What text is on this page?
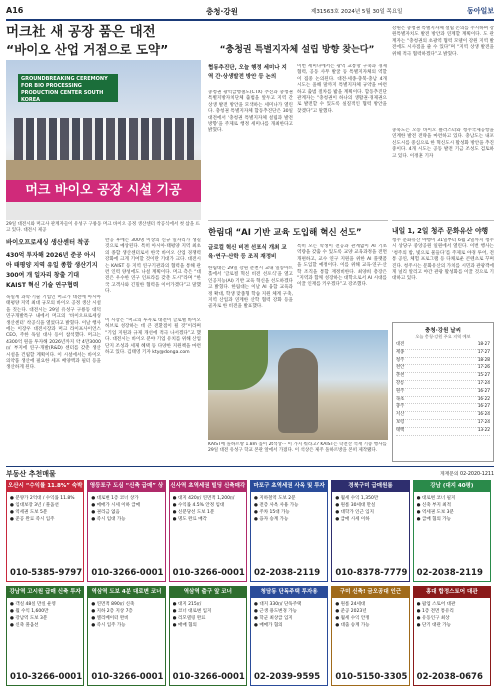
A16	충청·강원	제31563호 2024년 5월 30일 목요일	동아일보
머크社 새 공장 품은 대전
“바이오 산업 거점으로 도약”
GROUNDBREAKING CEREMONY FOR BIO PROCESSING PRODUCTION CENTER SOUTH KOREA
머크 바이오 공장 시설 기공
29일 대전시와 머크사 관계자들이 유성구 구룡동 머크 바이오 공정 생산센터 착공식에서 첫 삽을 뜨고 있다. 대전시 제공
바이오프로세싱 생산센터 착공
430억 투자해 2026년 준공 아시아 태평양 지역 유일 종합 생산기지 300여 개 일자리 창출 기대 KAIST 혁신 기술 연구협력
독일계 과학·기술 기업인 머크가 대전에 아시아태평양 지역 최대 규모의 바이오 공정 생산 시설을 짓는다. 대전시는 29일 유성구 구룡동 대덕연구개발특구 내에서 머크의 ‘바이오프로세싱 생산센터’ 착공식을 열었다고 밝혔다. 이날 행사에는 이장우 대전시장과 머크 라이프사이언스 CEO, 주한 독일 대사 등이 참석했다. 머크는 4300억 원을 투자해 2026년까지 약 4만3000㎡ 부지에 연구·개발(R&D) 센터를 갖춘 생산 시설을 건립할 계획이다. 이 시설에서는 바이오 의약품 생산에 필요한 세포 배양액과 필터 등을 생산하게 된다.
완공 후에는 300명 이상의 신규 일자리가 생길 것으로 예상된다. 특히 아시아·태평양 지역 최초의 종합 생산센터로서 한국 바이오 산업 경쟁력 강화에 크게 기여할 것이란 기대가 크다. 대전시는 KAIST 등 지역 연구기관과의 협력을 통해 관련 인력 양성에도 나설 계획이다. 머크 측은 “대전은 우수한 연구 인프라를 갖춘 도시”라며 “한국 고객사와 긴밀한 협력을 이어가겠다”고 말했다.
이 시장은 “머크의 투자로 대전이 글로벌 바이오 허브로 성장하는 데 큰 전환점이 될 것”이라며 “기업 지원과 규제 개선에 적극 나서겠다”고 했다. 대전시는 바이오 분야 기업 유치를 위해 산업단지 조성과 세제 혜택 등 다양한 지원책을 마련하고 있다. 김태영 기자 kty@donga.com
“충청권 특별지자체 설립 방향 찾는다”
협동추진단, 오늘 행정 세미나 지역 간·상생발전 방안 등 논의
충청권 광역급행철도(CTX) 추진과 충청권 특별지방자치단체 출범을 앞두고 지역 간 상생 발전 방안을 모색하는 세미나가 열린다. 충청권 특별지자체 합동추진단은 30일 대전에서 ‘충청권 특별지자체 설립과 발전 방향’을 주제로 행정 세미나를 개최한다고 밝혔다.
이번 세미나에서는 광역 교통망 구축과 경제 협력, 공동 사무 발굴 등 특별지자체의 역할이 집중 논의된다. 대전·세종·충북·충남 4개 시도는 올해 말까지 특별지자체 규약을 마련하고 출범 절차를 밟을 계획이다. 합동추진단 관계자는 “충청권이 하나의 생활권·경제권으로 발전할 수 있도록 실질적인 협력 방안을 찾겠다”고 말했다.
한림대 “AI 기반 교육 도입해 혁신 선도”
글로컬 혁신 비전 선포식 개최 교육·연구·산학 등 조직 재정비
한림대는 29일 강원 춘천시 교내 일송아트홀에서 ‘글로컬 혁신 비전 선포식’을 열고 인공지능(AI) 기반 교육 혁신을 선도하겠다고 밝혔다. 한림대는 이날 AI 융합 교육과정 확대, 학생 맞춤형 학습 지원 체계 구축, 지역 산업과 연계한 산학 협력 강화 등을 골자로 한 비전을 발표했다.
특히 모든 학생이 전공과 관계없이 AI 기초 역량을 갖출 수 있도록 교양 교육과정을 전면 개편하고, 교수 연구 지원을 위한 AI 플랫폼을 도입할 예정이다. 이를 위해 교육·연구·산학 조직을 통합 재정비한다. 최양희 총장은 “지역과 함께 성장하는 대학으로서 AI 시대를 이끌 인재를 키우겠다”고 강조했다.
KAIST에 돌하르방 1.8m 높이 2t석상··· 이 가지 뭐라고? KAIST는 학전산 석재 기증 행사를 29일 대전 유성구 학교 본관 앞에서 가졌다. 이 석상은 제주 돌하르방을 본떠 제작됐다.
강원은 충청권 특별지자체 설립 논의를 주시하며 강원특별자치도 발전 방안과 연계할 계획이다. 도 관계자는 “충청권의 초광역 협력 모델이 강원 지역 발전에도 시사점을 줄 수 있다”며 “지역 상생 발전을 위해 적극 협력하겠다”고 밝혔다.
충북도는 오송 바이오 클러스터와 청주국제공항을 연계한 발전 전략을 마련하고 있다. 충남도는 내포신도시를 중심으로 한 혁신도시 활성화 방안을 추진 중이다. 4개 시도는 공동 발전 기금 조성도 검토하고 있다. 이정훈 기자
내일 1, 2일 청주 문화유산 야행
청주 문화유산 야행이 31일부터 6월 2일까지 청주시 상당구 중앙공원 일원에서 열린다. 이번 행사는 ‘청주의 밤, 빛으로 물들다’를 주제로 야경 투어, 전통 공연, 체험 프로그램 등 다채로운 콘텐츠로 꾸며진다. 청주시는 문화유산의 가치를 시민과 관광객에게 널리 알리고 야간 관광 활성화를 이끌 것으로 기대하고 있다.
충청·강원 날씨
오늘 충청·강원 주요 지역 예보
대전	18·27
세종	17·27
청주	18·28
천안	17·26
춘천	15·27
강릉	17·24
원주	16·27
속초	16·22
충주	16·27
서산	16·24
보령	17·24
태백	13·22
부동산 추천매물	게재문의 02-2020-1211
오산시 “수익률 11.8%” 숙박
● 분양가 2억대 / 수익률 11.8%
● 임대보장 3년 / 풀옵션
● 역세권 도보 5분
● 준공 완료 즉시 입주
010-5385-9797
영등포구 도심 “신축 급매” 상
● 대로변 1층 코너 상가
● 매매가 시세 이하 급매
● 권리금 없음
● 즉시 임대 가능
010-3266-0001
신사역 초역세권 빌딩 신축매각
● 대지 420㎡ 연면적 1,200㎡
● 수익률 4.5% 안정 임대
● 신분당선 도보 1분
● 명도 완료 매각
010-3266-0001
마포구 초역세권 사옥 및 투자
● 지하철역 도보 2분
● 전층 사옥 사용 가능
● 주차 15대 가능
● 융자 승계 가능
02-2038-2119
경북구미 급매원룸
● 월세 수익 1,350만
● 원룸 30세대 만실
● 대학가 인근 입지
● 급매 시세 이하
010-8378-7779
강남 (대지 40평)
● 대로변 코너 필지
● 신축 부지 최적
● 역세권 도보 3분
● 급매 협의 가능
02-2038-2119
강남역 고시원 급매 신축 투자
● 객실 48실 만실 운영
● 월 수익 1,600만
● 강남역 도보 3분
● 신축 풀옵션
010-3266-0001
역삼역 도보 4분 대로변 코너
● 연면적 890㎡ 신축
● 지하 2층 지상 7층
● 엘리베이터 완비
● 즉시 입주 가능
010-3266-0001
역삼역 출구 앞 코너
● 대지 215㎡
● 코너 대로변 입지
● 리모델링 완료
● 매매 협의
010-3266-0001
청담동 단독주택 투자용
● 대지 330㎡ 단독주택
● 근생 용도변경 가능
● 학군 최상급 입지
● 매매가 협의
02-2039-9595
구미 신축! 금오공대 인근
● 원룸 24세대
● 준공 2023년
● 월세 수익 안정
● 대출 승계 가능
010-5150-3305
홍대 합정스토어 대관
● 팝업 스토어 대관
● 1층 전면 통유리
● 유동인구 최상
● 단기 대관 가능
02-2038-0676
